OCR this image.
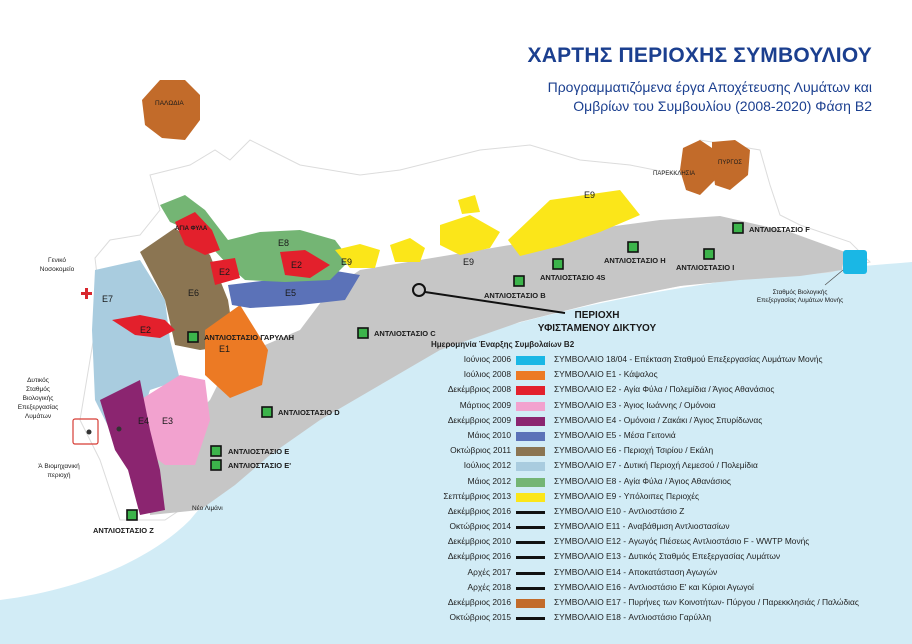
ΑΝΤΛΙΟΣΤΑΣΙΟ F
ΑΝΤΛΙΟΣΤΑΣΙΟ H
ΑΝΤΛΙΟΣΤΑΣΙΟ I
ΑΝΤΛΙΟΣΤΑΣΙΟ 4S
ΑΝΤΛΙΟΣΤΑΣΙΟ B
ΑΝΤΛΙΟΣΤΑΣΙΟ C
ΑΝΤΛΙΟΣΤΑΣΙΟ ΓΑΡΥΛΛΗ
ΑΝΤΛΙΟΣΤΑΣΙΟ D
ΑΝΤΛΙΟΣΤΑΣΙΟ E
ΑΝΤΛΙΟΣΤΑΣΙΟ E'
ΑΝΤΛΙΟΣΤΑΣΙΟ Z
E7
E6
E1
E3
E4
E5
E8
E2
E2
E2
E9	E9
E9
ΠΑΛΩΔΙΑ
ΠΑΡΕΚΚΛΗΣΙΑ
ΠΥΡΓΟΣ
ΑΓΙΑ ΦΥΛΑ
Γενικό
Νοσοκομείο
Δυτικός
Σταθμός
Βιολογικής
Επεξεργασίας
Λυμάτων
Ά Βιομηχανική
περιοχή
Νέο Λιμάνι
Σταθμός Βιολογικής
Επεξεργασίας Λυμάτων Μονής
ΠΕΡΙΟΧΗ
ΥΦΙΣΤΑΜΕΝΟΥ ΔΙΚΤΥΟΥ
ΧΑΡΤΗΣ ΠΕΡΙΟΧΗΣ ΣΥΜΒΟΥΛΙΟΥ
Προγραμματιζόμενα έργα Αποχέτευσης Λυμάτων και
Ομβρίων του Συμβουλίου (2008-2020) Φάση Β2
Ημερομηνία Έναρξης Συμβολαίων B2
Ιούνιος 2006	ΣΥΜΒΟΛΑΙΟ 18/04 - Επέκταση Σταθμού Επεξεργασίας Λυμάτων Μονής
Ιούλιος 2008	ΣΥΜΒΟΛΑΙΟ E1 - Κάψαλος
Δεκέμβριος 2008	ΣΥΜΒΟΛΑΙΟ E2 - Αγία Φύλα / Πολεμίδια / Άγιος Αθανάσιος
Μάρτιος 2009	ΣΥΜΒΟΛΑΙΟ E3 - Άγιος Ιωάννης / Ομόνοια
Δεκέμβριος 2009	ΣΥΜΒΟΛΑΙΟ E4 - Ομόνοια / Ζακάκι / Άγιος Σπυρίδωνας
Μάιος 2010	ΣΥΜΒΟΛΑΙΟ E5 - Μέσα Γειτονιά
Οκτώβριος 2011	ΣΥΜΒΟΛΑΙΟ E6 - Περιοχή Τσιρίου / Εκάλη
Ιούλιος 2012	ΣΥΜΒΟΛΑΙΟ E7 - Δυτική Περιοχή Λεμεσού / Πολεμίδια
Μάιος 2012	ΣΥΜΒΟΛΑΙΟ E8 - Αγία Φύλα / Άγιος Αθανάσιος
Σεπτέμβριος 2013	ΣΥΜΒΟΛΑΙΟ E9 - Υπόλοιπες Περιοχές
Δεκέμβριος 2016	ΣΥΜΒΟΛΑΙΟ E10 - Αντλιοστάσιο Z
Οκτώβριος 2014	ΣΥΜΒΟΛΑΙΟ E11 - Αναβάθμιση Αντλιοστασίων
Δεκέμβριος 2010	ΣΥΜΒΟΛΑΙΟ E12 - Αγωγός Πιέσεως Αντλιοστάσιο F - WWTP Μονής
Δεκέμβριος 2016	ΣΥΜΒΟΛΑΙΟ E13 - Δυτικός Σταθμός Επεξεργασίας Λυμάτων
Αρχές 2017	ΣΥΜΒΟΛΑΙΟ E14 - Αποκατάσταση Αγωγών
Αρχές 2018	ΣΥΜΒΟΛΑΙΟ E16 - Αντλιοστάσιο E' και Κύριοι Αγωγοί
Δεκέμβριος 2016	ΣΥΜΒΟΛΑΙΟ E17 - Πυρήνες των Κοινοτήτων- Πύργου / Παρεκκλησιάς / Παλώδιας
Οκτώβριος 2015	ΣΥΜΒΟΛΑΙΟ E18 - Αντλιοστάσιο Γαρύλλη
